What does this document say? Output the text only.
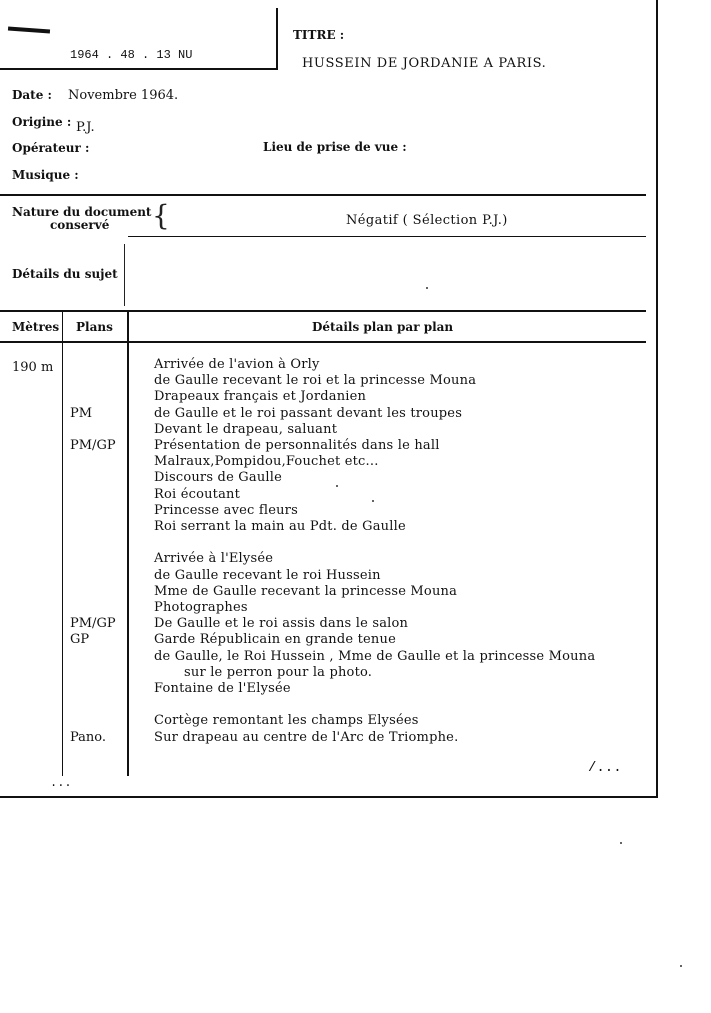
1964 . 48 . 13 NU
TITRE :
HUSSEIN DE JORDANIE A PARIS.
Date : Novembre 1964.
Origine : P.J.
Opérateur :	Lieu de prise de vue :
Musique :
Nature du document
conservé {	Négatif ( Sélection P.J.)
Détails du sujet
Mètres Plans	Détails plan par plan
190 m	Arrivée de l'avion à Orly
de Gaulle recevant le roi et la princesse Mouna
Drapeaux français et Jordanien
PM	de Gaulle et le roi passant devant les troupes
Devant le drapeau, saluant
PM/GP	Présentation de personnalités dans le hall
Malraux,Pompidou,Fouchet etc...
Discours de Gaulle
Roi écoutant
Princesse avec fleurs
Roi serrant la main au Pdt. de Gaulle
Arrivée à l'Elysée
de Gaulle recevant le roi Hussein
Mme de Gaulle recevant la princesse Mouna
Photographes
PM/GP	De Gaulle et le roi assis dans le salon
GP	Garde Républicain en grande tenue
de Gaulle, le Roi Hussein , Mme de Gaulle et la princesse Mouna
sur le perron pour la photo.
Fontaine de l'Elysée
Cortège remontant les champs Elysées
Pano.	Sur drapeau au centre de l'Arc de Triomphe.
/...
...
